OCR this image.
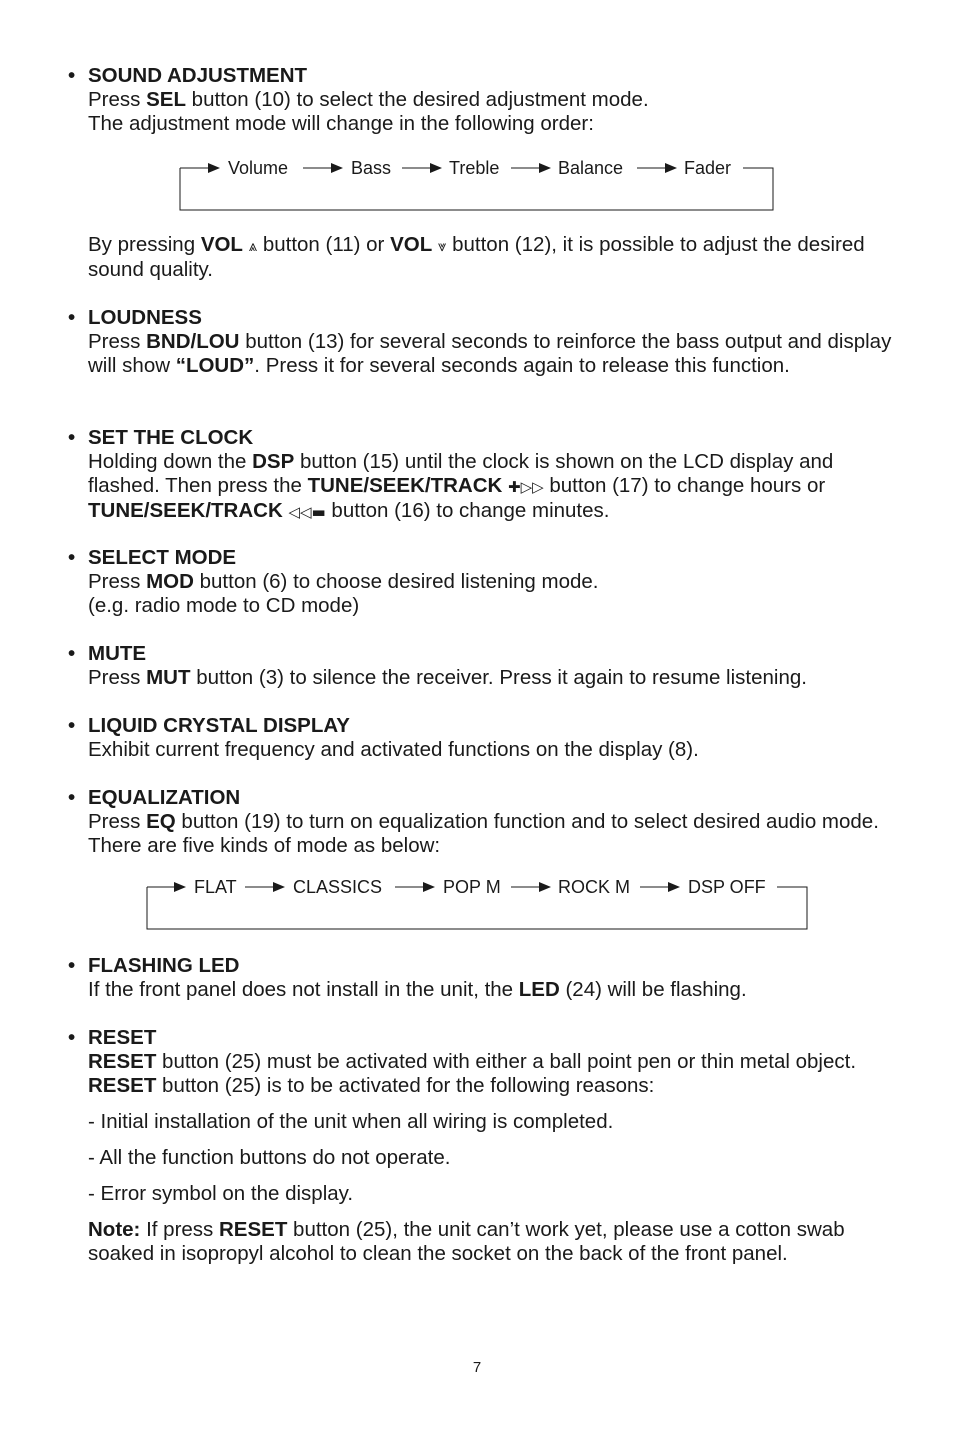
• SOUND ADJUSTMENT
Press SEL button (10) to select the desired adjustment mode.
The adjustment mode will change in the following order:
Volume	Bass	Treble	Balance	Fader
By pressing VOL ⩓ button (11) or VOL ⩔ button (12), it is possible to adjust the desired sound quality.
• LOUDNESS
Press BND/LOU button (13) for several seconds to reinforce the bass output and display will show “LOUD”. Press it for several seconds again to release this function.
• SET THE CLOCK
Holding down the DSP button (15) until the clock is shown on the LCD display and flashed. Then press the TUNE/SEEK/TRACK ✚▷▷ button (17) to change hours or TUNE/SEEK/TRACK ◁◁▬ button (16) to change minutes.
• SELECT MODE
Press MOD button (6) to choose desired listening mode.
(e.g. radio mode to CD mode)
• MUTE
Press MUT button (3) to silence the receiver. Press it again to resume listening.
• LIQUID CRYSTAL DISPLAY
Exhibit current frequency and activated functions on the display (8).
• EQUALIZATION
Press EQ button (19) to turn on equalization function and to select desired audio mode. There are five kinds of mode as below:
FLAT	CLASSICS	POP M	ROCK M	DSP OFF
• FLASHING LED
If the front panel does not install in the unit, the LED (24) will be flashing.
• RESET
RESET button (25) must be activated with either a ball point pen or thin metal object. RESET button (25) is to be activated for the following reasons:
- Initial installation of the unit when all wiring is completed.
- All the function buttons do not operate.
- Error symbol on the display.
Note: If press RESET button (25), the unit can’t work yet, please use a cotton swab soaked in isopropyl alcohol to clean the socket on the back of the front panel.
7
